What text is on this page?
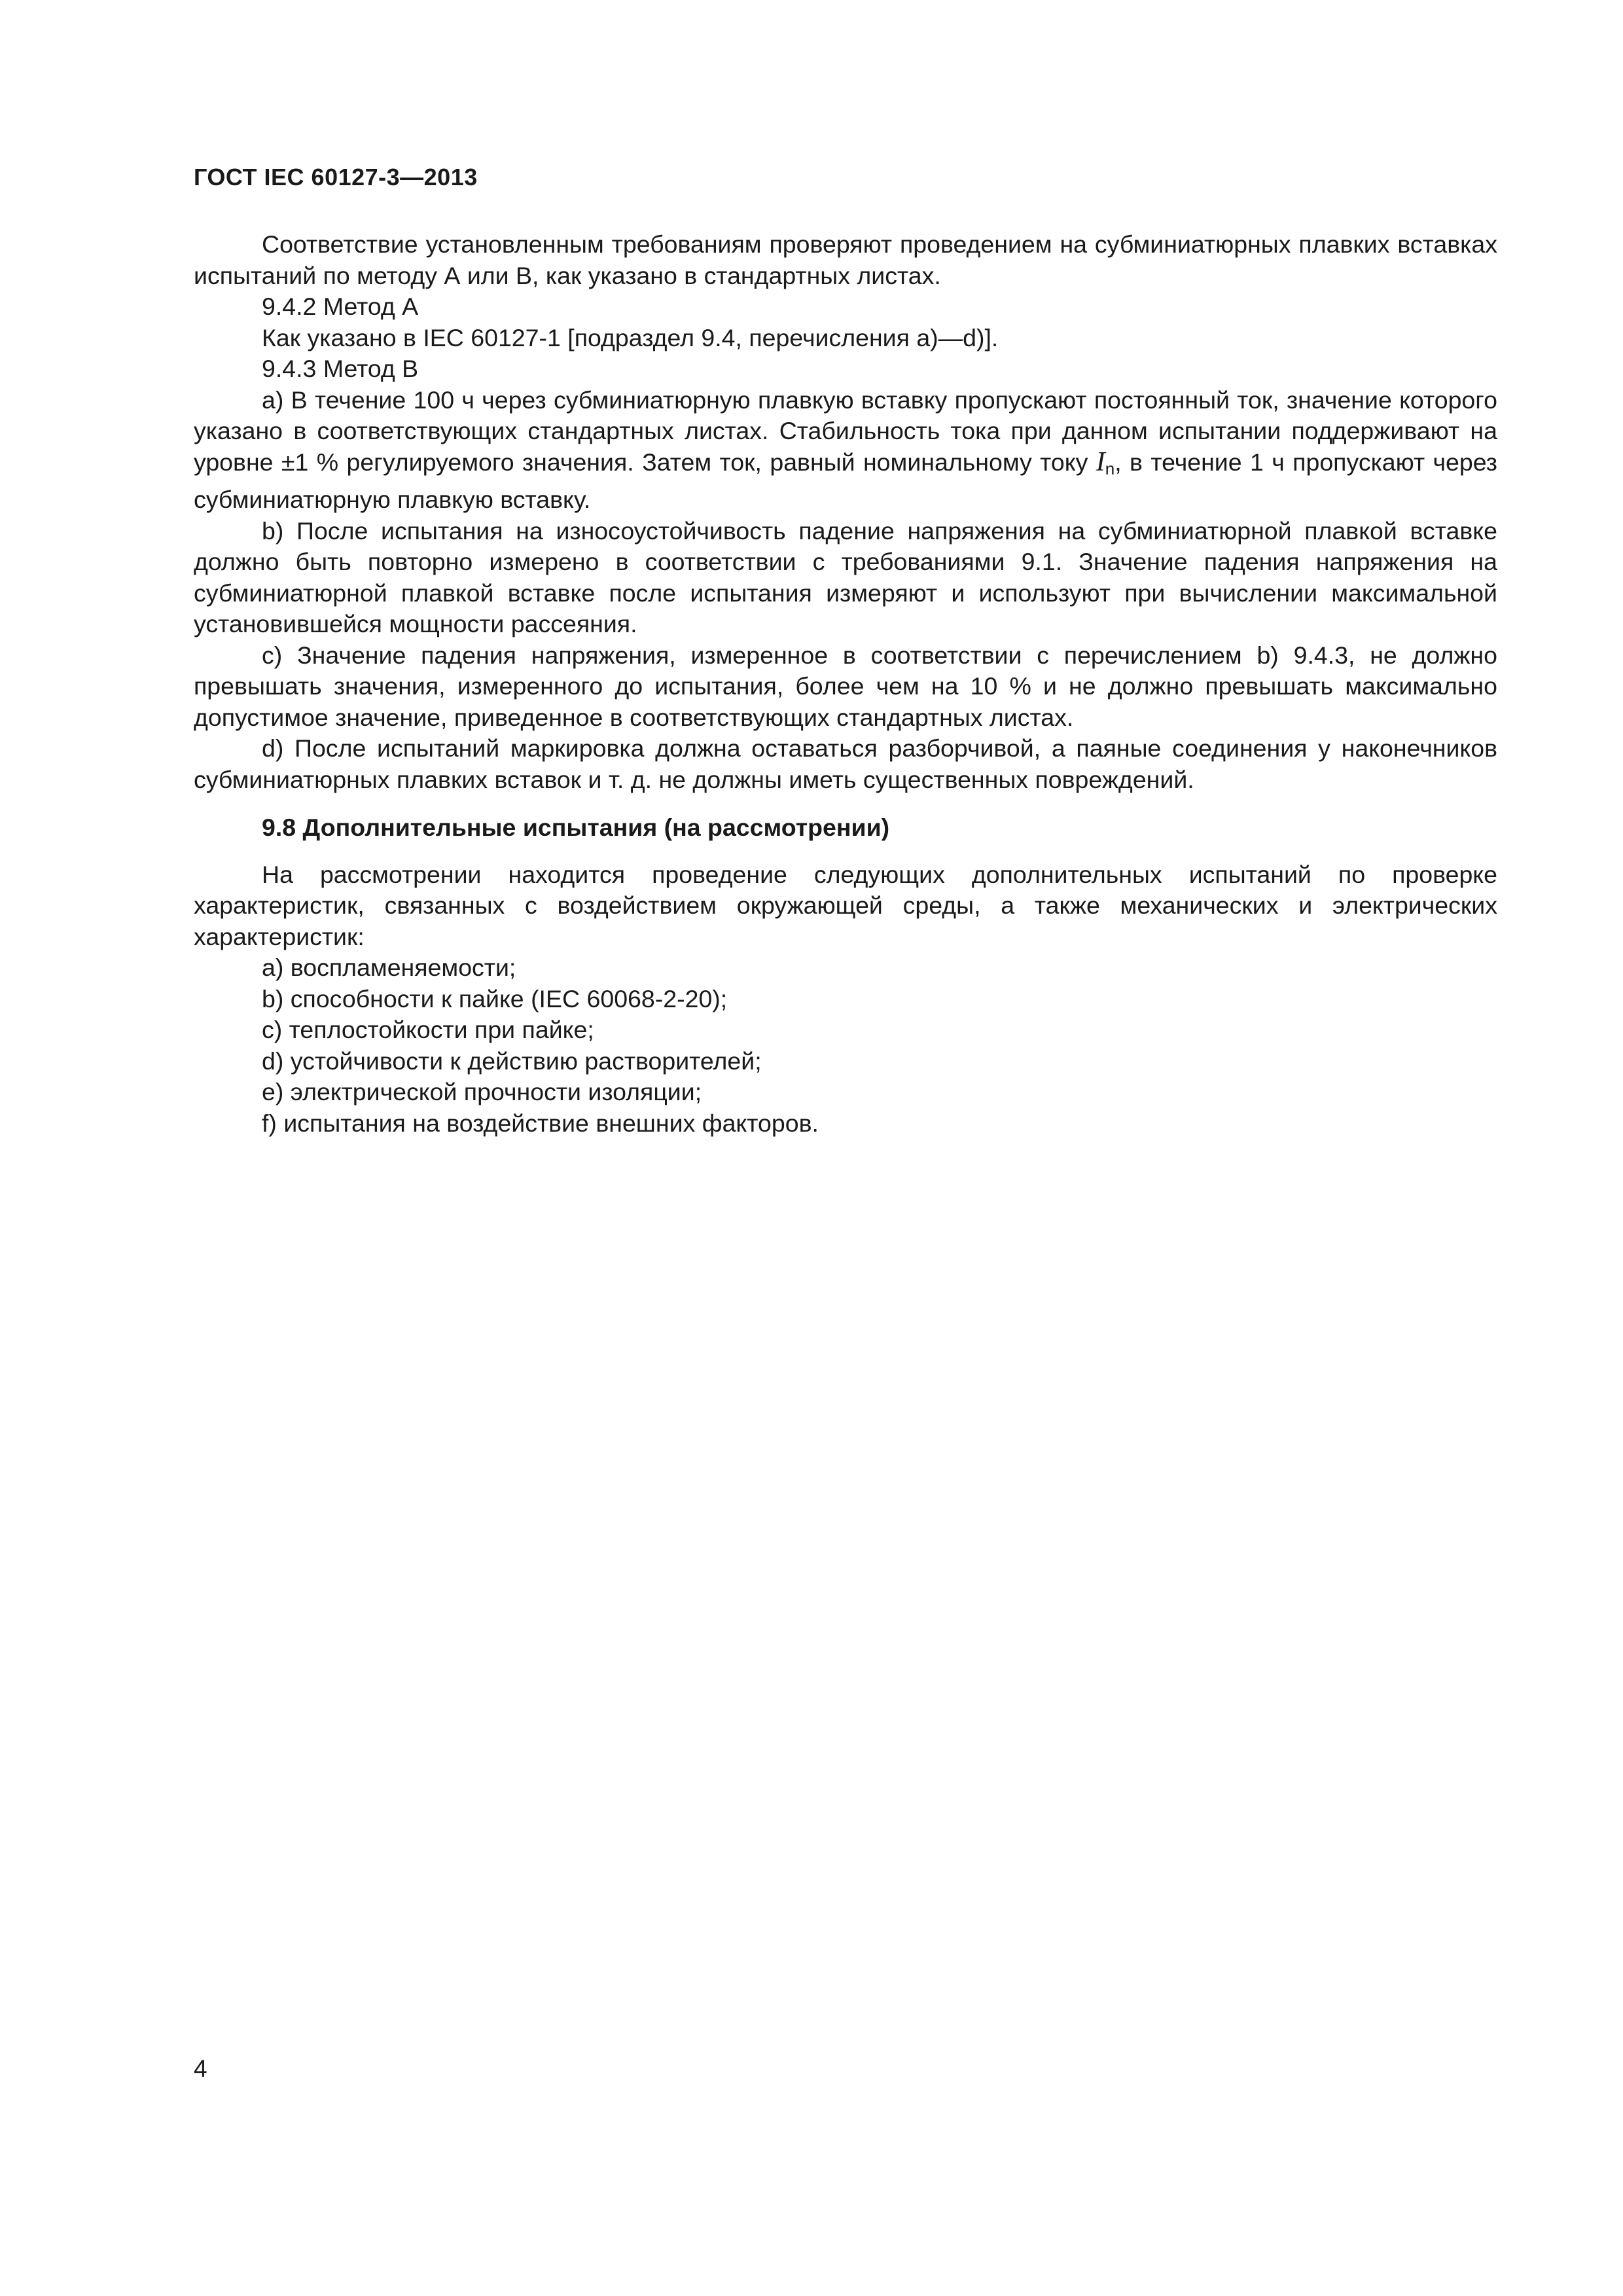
ГОСТ IEC 60127-3—2013

Соответствие установленным требованиям проверяют проведением на субминиатюрных плавких вставках испытаний по методу А или В, как указано в стандартных листах.

9.4.2 Метод А

Как указано в IEC 60127-1 [подраздел 9.4, перечисления а)—d)].

9.4.3 Метод В

a) В течение 100 ч через субминиатюрную плавкую вставку пропускают постоянный ток, значение которого указано в соответствующих стандартных листах. Стабильность тока при данном испытании поддерживают на уровне ±1 % регулируемого значения. Затем ток, равный номинальному току $I_n$, в течение 1 ч пропускают через субминиатюрную плавкую вставку.

b) После испытания на износоустойчивость падение напряжения на субминиатюрной плавкой вставке должно быть повторно измерено в соответствии с требованиями 9.1. Значение падения напряжения на субминиатюрной плавкой вставке после испытания измеряют и используют при вычислении максимальной установившейся мощности рассеяния.

c) Значение падения напряжения, измеренное в соответствии с перечислением b) 9.4.3, не должно превышать значения, измеренного до испытания, более чем на 10 % и не должно превышать максимально допустимое значение, приведенное в соответствующих стандартных листах.

d) После испытаний маркировка должна оставаться разборчивой, а паяные соединения у наконечников субминиатюрных плавких вставок и т. д. не должны иметь существенных повреждений.

9.8 Дополнительные испытания (на рассмотрении)

На рассмотрении находится проведение следующих дополнительных испытаний по проверке характеристик, связанных с воздействием окружающей среды, а также механических и электрических характеристик:

a) воспламеняемости;

b) способности к пайке (IEC 60068-2-20);

c) теплостойкости при пайке;

d) устойчивости к действию растворителей;

e) электрической прочности изоляции;

f) испытания на воздействие внешних факторов.

4
